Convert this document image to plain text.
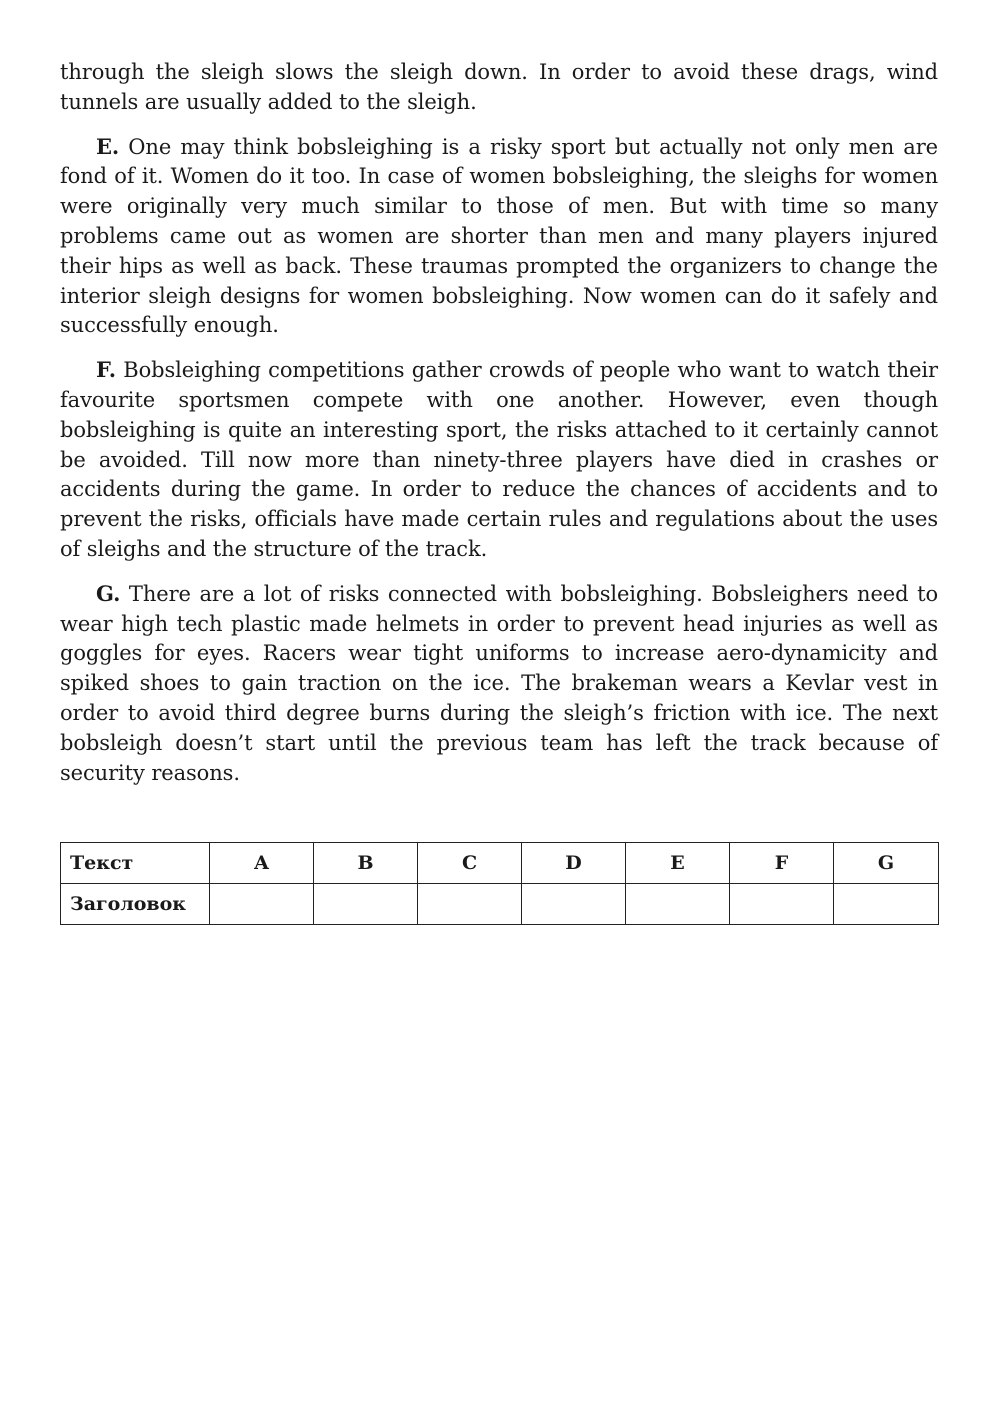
through the sleigh slows the sleigh down. In order to avoid these drags, wind tunnels are usually added to the sleigh.

E. One may think bobsleighing is a risky sport but actually not only men are fond of it. Women do it too. In case of women bobsleighing, the sleighs for women were originally very much similar to those of men. But with time so many problems came out as women are shorter than men and many players injured their hips as well as back. These traumas prompted the organizers to change the interior sleigh designs for women bobsleighing. Now women can do it safely and successfully enough.

F. Bobsleighing competitions gather crowds of people who want to watch their favourite sportsmen compete with one another. However, even though bobsleighing is quite an interesting sport, the risks attached to it certainly cannot be avoided. Till now more than ninety-three players have died in crashes or accidents during the game. In order to reduce the chances of accidents and to prevent the risks, officials have made certain rules and regulations about the uses of sleighs and the structure of the track.

G. There are a lot of risks connected with bobsleighing. Bobsleighers need to wear high tech plastic made helmets in order to prevent head injuries as well as goggles for eyes. Racers wear tight uniforms to increase aero-dynamicity and spiked shoes to gain traction on the ice. The brakeman wears a Kevlar vest in order to avoid third degree burns during the sleigh’s friction with ice. The next bobsleigh doesn’t start until the previous team has left the track because of security reasons.

Текст	A	B	C	D	E	F	G
Заголовок							
